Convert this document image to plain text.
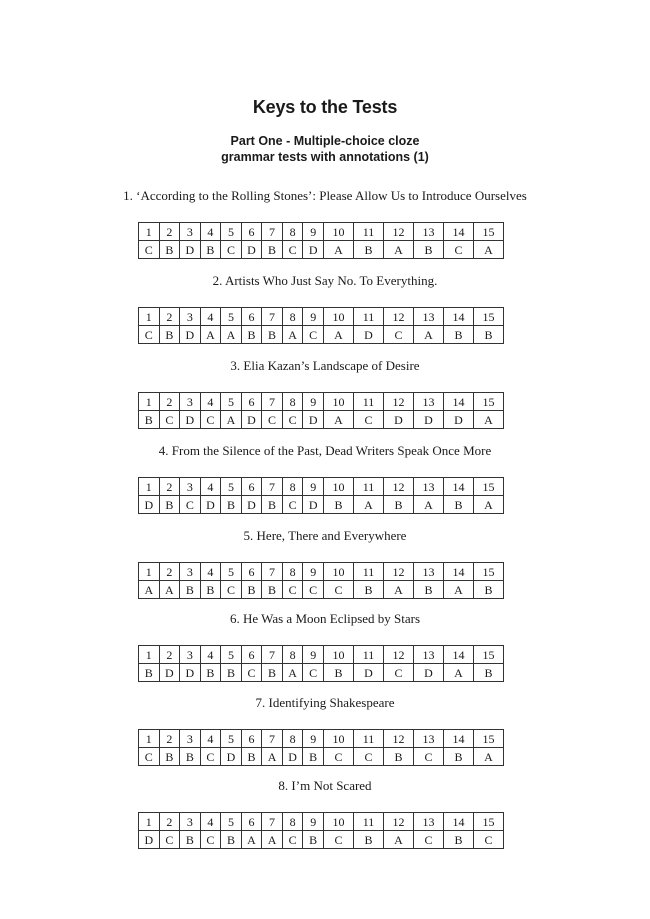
Keys to the Tests
Part One - Multiple-choice cloze
grammar tests with annotations (1)
1. ‘According to the Rolling Stones’: Please Allow Us to Introduce Ourselves
1	2	3	4	5	6	7	8	9	10	11	12	13	14	15
C	B	D	B	C	D	B	C	D	A	B	A	B	C	A
2. Artists Who Just Say No. To Everything.
1	2	3	4	5	6	7	8	9	10	11	12	13	14	15
C	B	D	A	A	B	B	A	C	A	D	C	A	B	B
3. Elia Kazan’s Landscape of Desire
1	2	3	4	5	6	7	8	9	10	11	12	13	14	15
B	C	D	C	A	D	C	C	D	A	C	D	D	D	A
4. From the Silence of the Past, Dead Writers Speak Once More
1	2	3	4	5	6	7	8	9	10	11	12	13	14	15
D	B	C	D	B	D	B	C	D	B	A	B	A	B	A
5. Here, There and Everywhere
1	2	3	4	5	6	7	8	9	10	11	12	13	14	15
A	A	B	B	C	B	B	C	C	C	B	A	B	A	B
6. He Was a Moon Eclipsed by Stars
1	2	3	4	5	6	7	8	9	10	11	12	13	14	15
B	D	D	B	B	C	B	A	C	B	D	C	D	A	B
7. Identifying Shakespeare
1	2	3	4	5	6	7	8	9	10	11	12	13	14	15
C	B	B	C	D	B	A	D	B	C	C	B	C	B	A
8. I’m Not Scared
1	2	3	4	5	6	7	8	9	10	11	12	13	14	15
D	C	B	C	B	A	A	C	B	C	B	A	C	B	C
